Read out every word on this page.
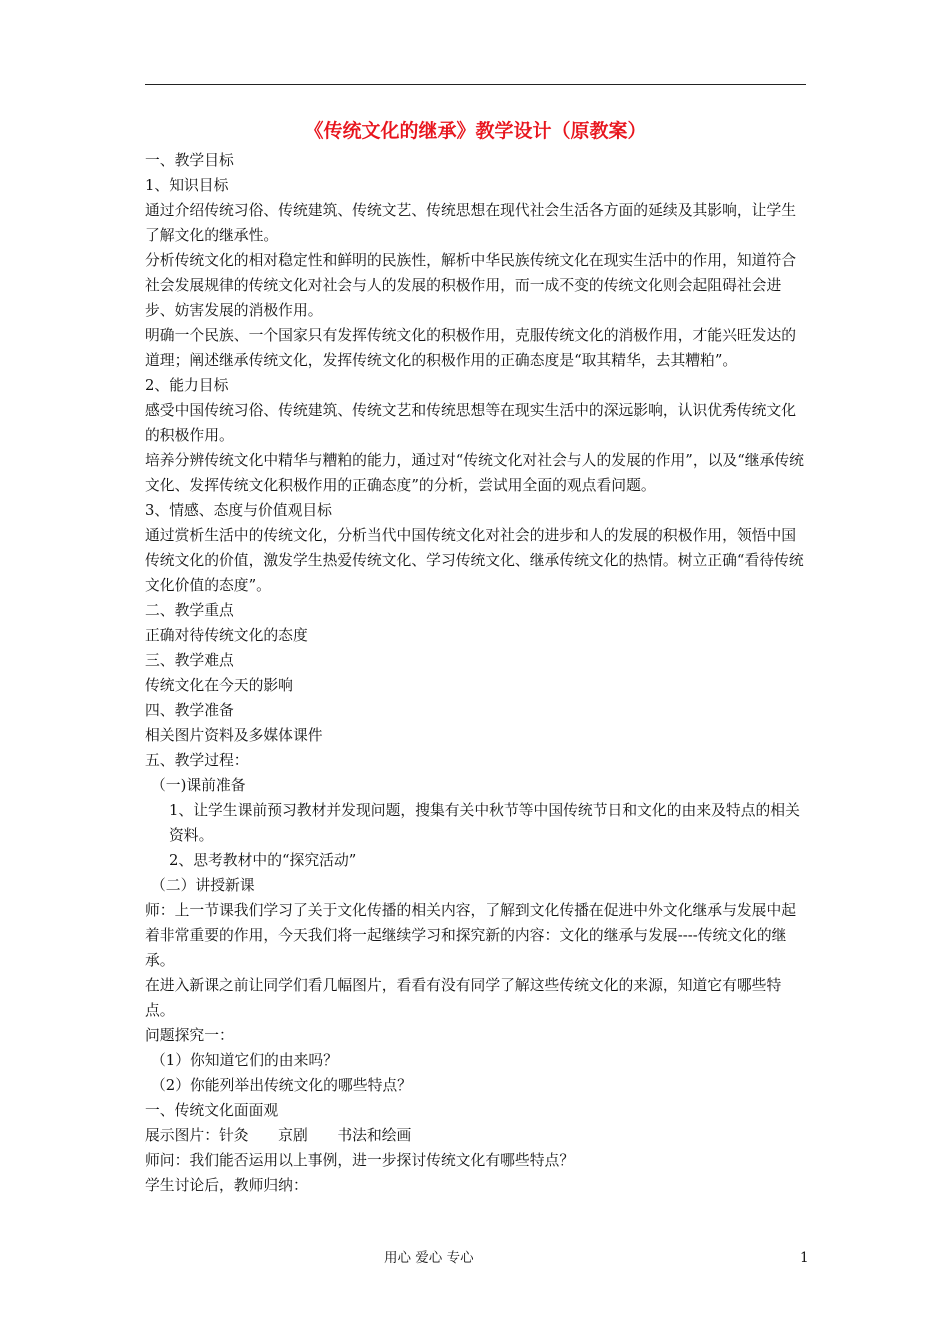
《传统文化的继承》教学设计（原教案）

一、教学目标

1、知识目标

通过介绍传统习俗、传统建筑、传统文艺、传统思想在现代社会生活各方面的延续及其影响，让学生了解文化的继承性。

分析传统文化的相对稳定性和鲜明的民族性，解析中华民族传统文化在现实生活中的作用，知道符合社会发展规律的传统文化对社会与人的发展的积极作用，而一成不变的传统文化则会起阻碍社会进步、妨害发展的消极作用。

明确一个民族、一个国家只有发挥传统文化的积极作用，克服传统文化的消极作用，才能兴旺发达的道理；阐述继承传统文化，发挥传统文化的积极作用的正确态度是“取其精华，去其糟粕”。

2、能力目标

感受中国传统习俗、传统建筑、传统文艺和传统思想等在现实生活中的深远影响，认识优秀传统文化的积极作用。

培养分辨传统文化中精华与糟粕的能力，通过对“传统文化对社会与人的发展的作用”，以及“继承传统文化、发挥传统文化积极作用的正确态度”的分析，尝试用全面的观点看问题。

3、情感、态度与价值观目标

通过赏析生活中的传统文化，分析当代中国传统文化对社会的进步和人的发展的积极作用，领悟中国传统文化的价值，激发学生热爱传统文化、学习传统文化、继承传统文化的热情。树立正确“看待传统文化价值的态度”。

二、教学重点

正确对待传统文化的态度

三、教学难点

传统文化在今天的影响

四、教学准备

相关图片资料及多媒体课件

五、教学过程：

（一)课前准备

1、让学生课前预习教材并发现问题，搜集有关中秋节等中国传统节日和文化的由来及特点的相关资料。

2、思考教材中的“探究活动”

（二）讲授新课

师：上一节课我们学习了关于文化传播的相关内容，了解到文化传播在促进中外文化继承与发展中起着非常重要的作用，今天我们将一起继续学习和探究新的内容：文化的继承与发展----传统文化的继承。

在进入新课之前让同学们看几幅图片，看看有没有同学了解这些传统文化的来源，知道它有哪些特点。

问题探究一：

（1）你知道它们的由来吗？

（2）你能列举出传统文化的哪些特点？

一、传统文化面面观

展示图片：针灸　　京剧　　书法和绘画

师问：我们能否运用以上事例，进一步探讨传统文化有哪些特点？

学生讨论后，教师归纳：

用心 爱心 专心	1
